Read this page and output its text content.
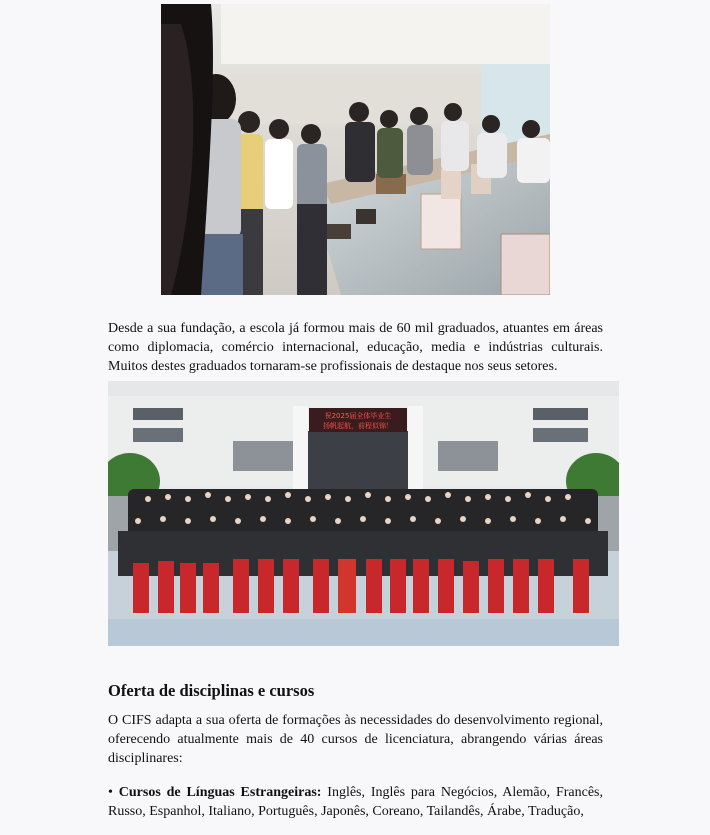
Desde a sua fundação, a escola já formou mais de 60 mil graduados, atuantes em áreas como diplomacia, comércio internacional, educação, media e indústrias culturais. Muitos destes graduados tornaram-se profissionais de destaque nos seus setores.

祝2025届全体毕业生
扬帆起航，前程似锦！
Oferta de disciplinas e cursos

O CIFS adapta a sua oferta de formações às necessidades do desenvolvimento regional, oferecendo atualmente mais de 40 cursos de licenciatura, abrangendo várias áreas disciplinares:

• Cursos de Línguas Estrangeiras: Inglês, Inglês para Negócios, Alemão, Francês, Russo, Espanhol, Italiano, Português, Japonês, Coreano, Tailandês, Árabe, Tradução,
